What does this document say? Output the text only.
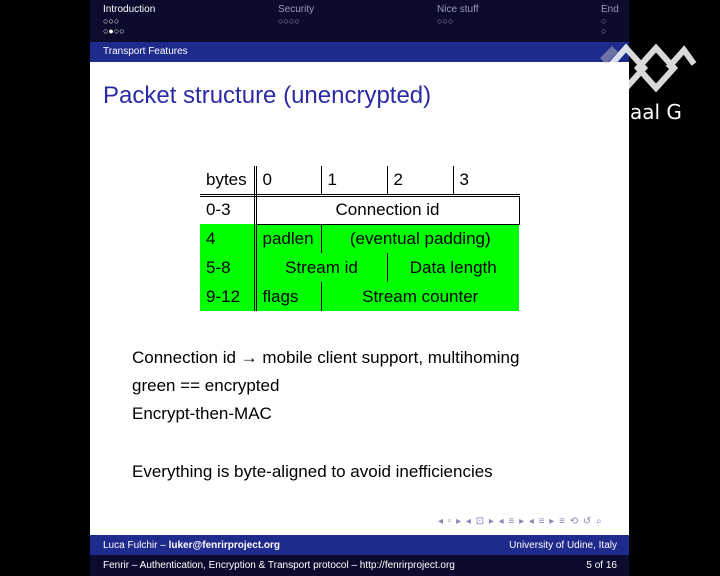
Introduction
○○○
○●○○
Security
○○○○
Nice stuff
○○○
End
○
○
Transport Features
Packet structure (unencrypted)
bytes	0	1	2	3
0-3	Connection id			
4	padlen	(eventual padding)		
5-8	Stream id		Data length	
9-12	flags	Stream counter		
Connection id → mobile client support, multihoming
green == encrypted
Encrypt-then-MAC
Everything is byte-aligned to avoid inefficiencies
◂ ▫ ▸ ◂ ⊡ ▸ ◂ ≡ ▸ ◂ ≡ ▸ ≡ ⟲ ↺ ⌕
Luca Fulchir – luker@fenrirproject.org	University of Udine, Italy
Fenrir – Authentication, Encryption & Transport protocol – http://fenrirproject.org	5 of 16
aal G
